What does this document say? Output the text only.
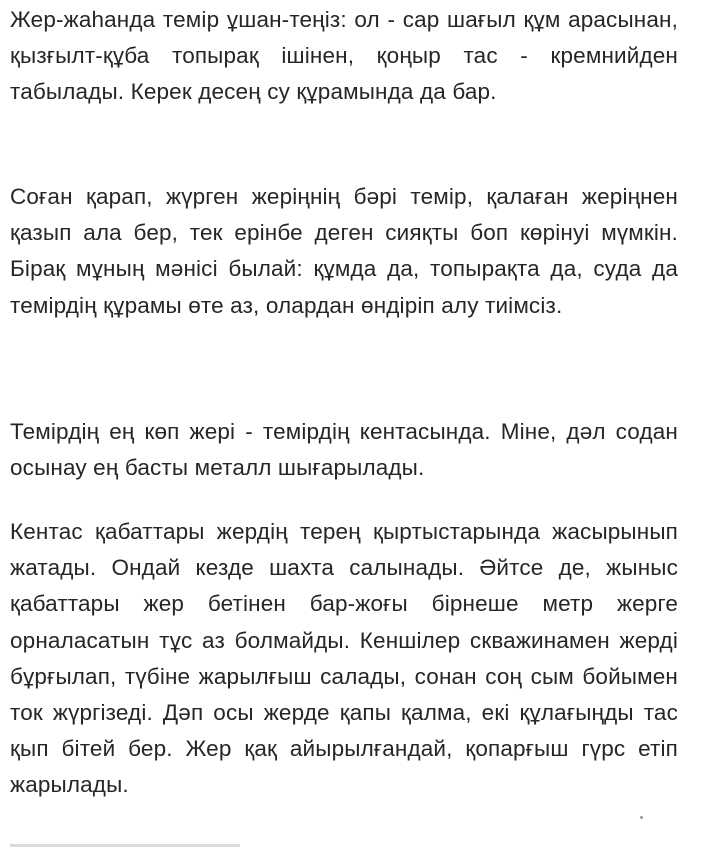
Жер-жаһанда темір ұшан-теңіз: ол - сар шағыл құм арасынан, қызғылт-құба топырақ ішінен, қоңыр тас - кремнийден табылады. Керек десең су құрамында да бар.

Соған қарап, жүрген жеріңнің бәрі темір, қалаған жеріңнен қазып ала бер, тек ерінбе деген сияқты боп көрінуі мүмкін. Бірақ мұның мәнісі былай: құмда да, топырақта да, суда да темірдің құрамы өте аз, олардан өндіріп алу тиімсіз.

Темірдің ең көп жері - темірдің кентасында. Міне, дәл содан осынау ең басты металл шығарылады.

Кентас қабаттары жердің терең қыртыстарында жасырынып жатады. Ондай кезде шахта салынады. Әйтсе де, жыныс қабаттары жер бетінен бар-жоғы бірнеше метр жерге орналасатын тұс аз болмайды. Кеншілер скважинамен жерді бұрғылап, түбіне жарылғыш салады, сонан соң сым бойымен ток жүргізеді. Дәп осы жерде қапы қалма, екі құлағыңды тас қып бітей бер. Жер қақ айырылғандай, қопарғыш гүрс етіп жарылады.
